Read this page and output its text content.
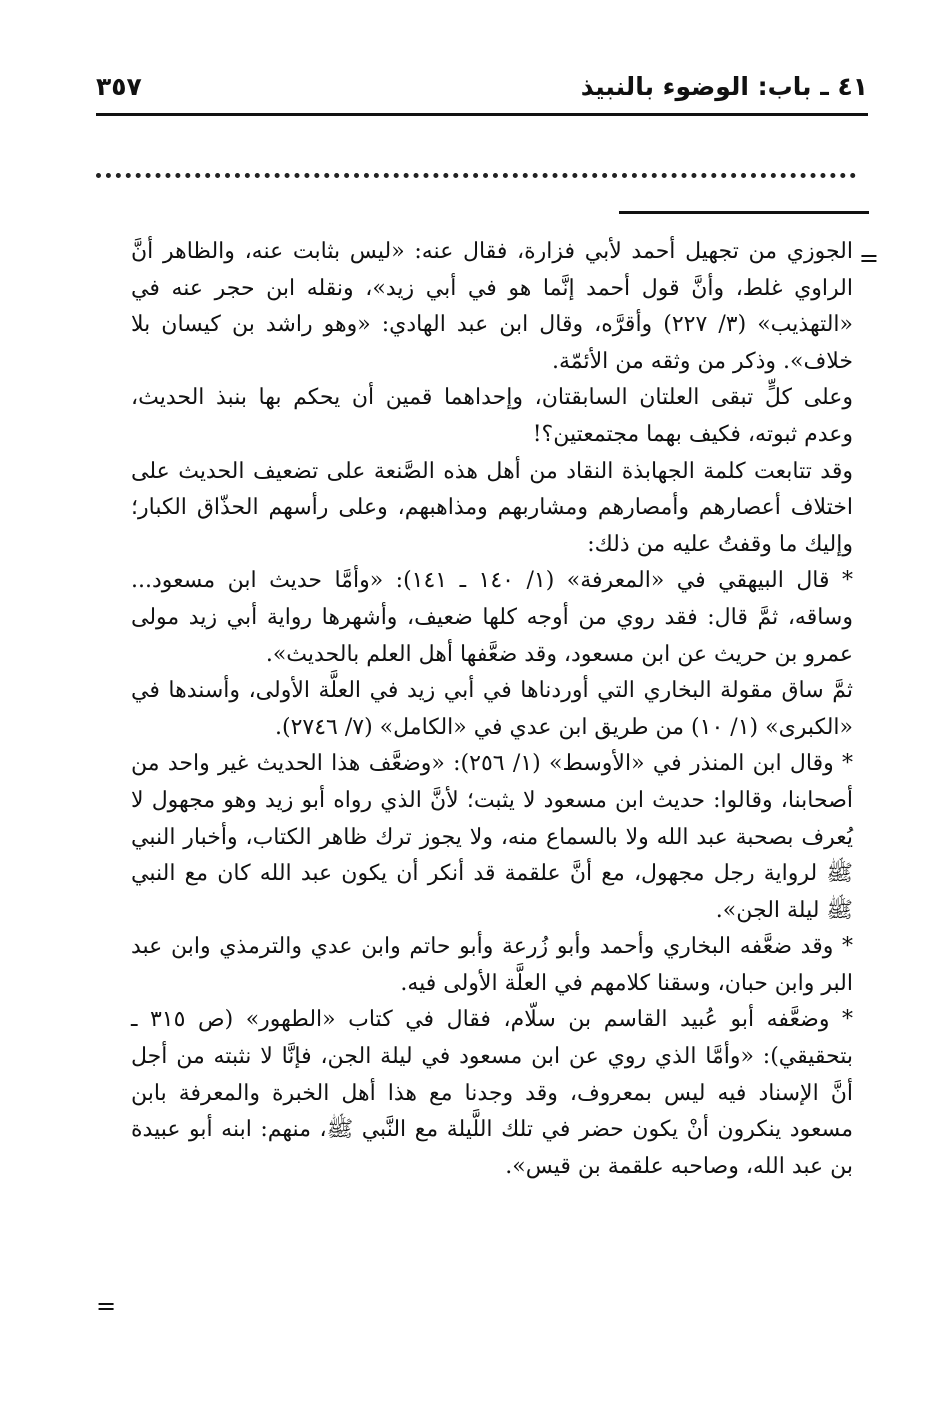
٤١ ـ باب: الوضوء بالنبيذ
٣٥٧
=

الجوزي من تجهيل أحمد لأبي فزارة، فقال عنه: «ليس بثابت عنه، والظاهر أنَّ الراوي غلط، وأنَّ قول أحمد إنَّما هو في أبي زيد»، ونقله ابن حجر عنه في «التهذيب» (٣/ ٢٢٧) وأقرَّه، وقال ابن عبد الهادي: «وهو راشد بن كيسان بلا خلاف». وذكر من وثقه من الأئمّة.

وعلى كلٍّ تبقى العلتان السابقتان، وإحداهما قمين أن يحكم بها بنبذ الحديث، وعدم ثبوته، فكيف بهما مجتمعتين؟!

وقد تتابعت كلمة الجهابذة النقاد من أهل هذه الصَّنعة على تضعيف الحديث على اختلاف أعصارهم وأمصارهم ومشاربهم ومذاهبهم، وعلى رأسهم الحذّاق الكبار؛ وإليك ما وقفتُ عليه من ذلك:

* قال البيهقي في «المعرفة» (١/ ١٤٠ ـ ١٤١): «وأمَّا حديث ابن مسعود... وساقه، ثمَّ قال: فقد روي من أوجه كلها ضعيف، وأشهرها رواية أبي زيد مولى عمرو بن حريث عن ابن مسعود، وقد ضعَّفها أهل العلم بالحديث».

ثمَّ ساق مقولة البخاري التي أوردناها في أبي زيد في العلَّة الأولى، وأسندها في «الكبرى» (١/ ١٠) من طريق ابن عدي في «الكامل» (٧/ ٢٧٤٦).

* وقال ابن المنذر في «الأوسط» (١/ ٢٥٦): «وضعَّف هذا الحديث غير واحد من أصحابنا، وقالوا: حديث ابن مسعود لا يثبت؛ لأنَّ الذي رواه أبو زيد وهو مجهول لا يُعرف بصحبة عبد الله ولا بالسماع منه، ولا يجوز ترك ظاهر الكتاب، وأخبار النبي ﷺ لرواية رجل مجهول، مع أنَّ علقمة قد أنكر أن يكون عبد الله كان مع النبي ﷺ ليلة الجن».

* وقد ضعَّفه البخاري وأحمد وأبو زُرعة وأبو حاتم وابن عدي والترمذي وابن عبد البر وابن حبان، وسقنا كلامهم في العلَّة الأولى فيه.

* وضعَّفه أبو عُبيد القاسم بن سلّام، فقال في كتاب «الطهور» (ص ٣١٥ ـ بتحقيقي): «وأمَّا الذي روي عن ابن مسعود في ليلة الجن، فإنَّا لا نثبته من أجل أنَّ الإسناد فيه ليس بمعروف، وقد وجدنا مع هذا أهل الخبرة والمعرفة بابن مسعود ينكرون أنْ يكون حضر في تلك اللَّيلة مع النَّبي ﷺ، منهم: ابنه أبو عبيدة بن عبد الله، وصاحبه علقمة بن قيس».

=
